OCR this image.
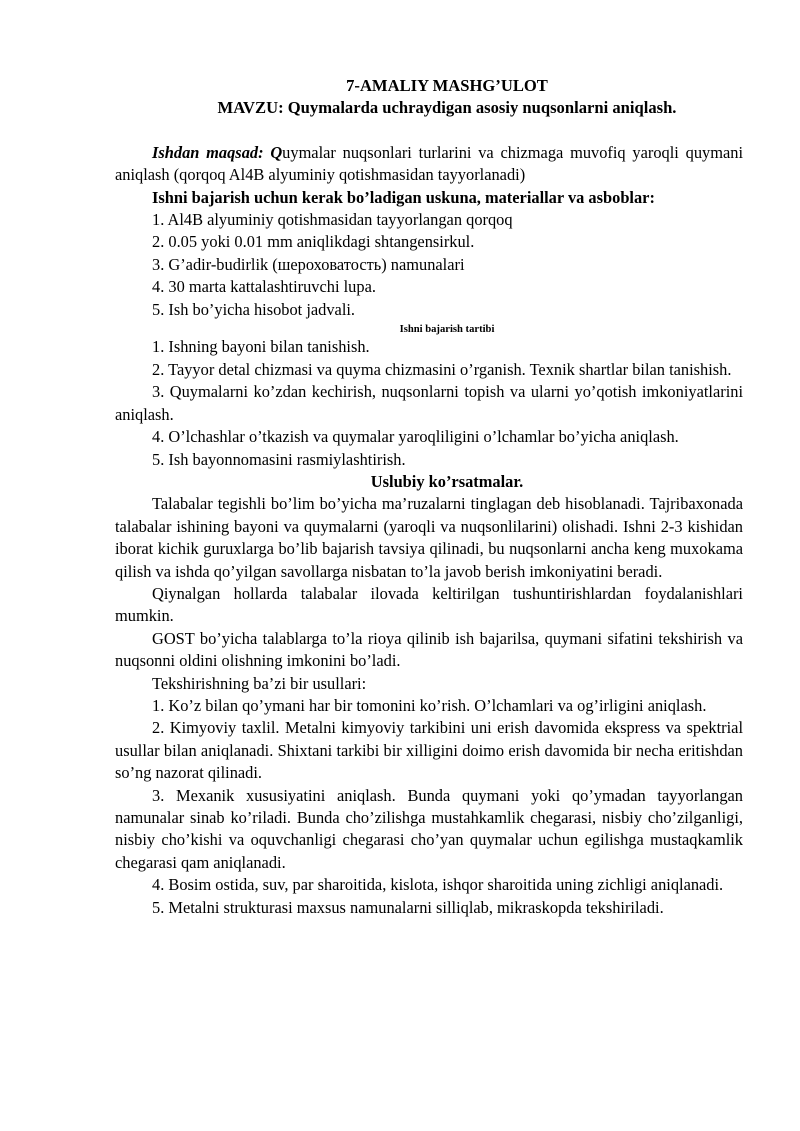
7-AMALIY MASHG’ULOT

MAVZU: Quymalarda uchraydigan asosiy nuqsonlarni aniqlash.

Ishdan maqsad: Quymalar nuqsonlari turlarini va chizmaga muvofiq yaroqli quymani aniqlash (qorqoq Al4B alyuminiy qotishmasidan tayyorlanadi)

Ishni bajarish uchun kerak bo’ladigan uskuna, materiallar va asboblar:

1. Al4B alyuminiy qotishmasidan tayyorlangan qorqoq

2. 0.05 yoki 0.01 mm aniqlikdagi shtangensirkul.

3. G’adir-budirlik (шероховатость) namunalari

4. 30 marta kattalashtiruvchi lupa.

5. Ish bo’yicha hisobot jadvali.

Ishni bajarish tartibi

1. Ishning bayoni bilan tanishish.

2. Tayyor detal chizmasi va quyma chizmasini o’rganish. Texnik shartlar bilan tanishish.

3. Quymalarni ko’zdan kechirish, nuqsonlarni topish va ularni yo’qotish imkoniyatlarini aniqlash.

4. O’lchashlar o’tkazish va quymalar yaroqliligini o’lchamlar bo’yicha aniqlash.

5. Ish bayonnomasini rasmiylashtirish.

Uslubiy ko’rsatmalar.

Talabalar tegishli bo’lim bo’yicha ma’ruzalarni tinglagan deb hisoblanadi. Tajribaxonada talabalar ishining bayoni va quymalarni (yaroqli va nuqsonlilarini) olishadi. Ishni 2-3 kishidan iborat kichik guruxlarga bo’lib bajarish tavsiya qilinadi, bu nuqsonlarni ancha keng muxokama qilish va ishda qo’yilgan savollarga nisbatan to’la javob berish imkoniyatini beradi.

Qiynalgan hollarda talabalar ilovada keltirilgan tushuntirishlardan foydalanishlari mumkin.

GOST bo’yicha talablarga to’la rioya qilinib ish bajarilsa, quymani sifatini tekshirish va nuqsonni oldini olishning imkonini bo’ladi.

Tekshirishning ba’zi bir usullari:

1. Ko’z bilan qo’ymani har bir tomonini ko’rish. O’lchamlari va og’irligini aniqlash.

2. Kimyoviy taxlil. Metalni kimyoviy tarkibini uni erish davomida ekspress va spektrial usullar bilan aniqlanadi. Shixtani tarkibi bir xilligini doimo erish davomida bir necha eritishdan so’ng nazorat qilinadi.

3. Mexanik xususiyatini aniqlash. Bunda quymani yoki qo’ymadan tayyorlangan namunalar sinab ko’riladi. Bunda cho’zilishga mustahkamlik chegarasi, nisbiy cho’zilganligi, nisbiy cho’kishi va oquvchanligi chegarasi cho’yan quymalar uchun egilishga mustaqkamlik chegarasi qam aniqlanadi.

4. Bosim ostida, suv, par sharoitida, kislota, ishqor sharoitida uning zichligi aniqlanadi.

5. Metalni strukturasi maxsus namunalarni silliqlab, mikraskopda tekshiriladi.
